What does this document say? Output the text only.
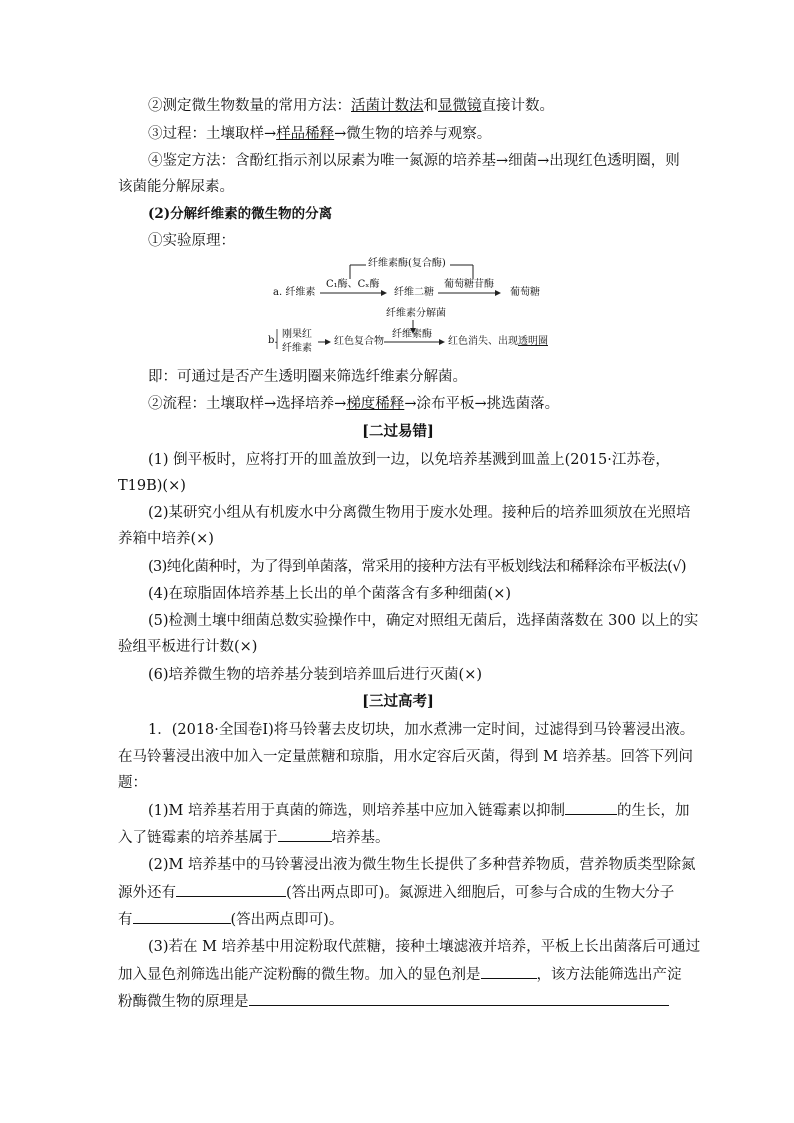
②测定微生物数量的常用方法：活菌计数法和显微镜直接计数。
③过程：土壤取样→样品稀释→微生物的培养与观察。
④鉴定方法：含酚红指示剂以尿素为唯一氮源的培养基→细菌→出现红色透明圈，则
该菌能分解尿素。
(2)分解纤维素的微生物的分离
①实验原理：
纤维素酶(复合酶)
a. 纤维素
C₁酶、Cₓ酶
纤维二糖
葡萄糖苷酶
葡萄糖
纤维素分解菌
b.
刚果红
纤维素
红色复合物
纤维素酶
红色消失、出现透明圈
即：可通过是否产生透明圈来筛选纤维素分解菌。
②流程：土壤取样→选择培养→梯度稀释→涂布平板→挑选菌落。
[二过易错]
(1) 倒平板时，应将打开的皿盖放到一边，以免培养基溅到皿盖上(2015·江苏卷，
T19B)(×)
(2)某研究小组从有机废水中分离微生物用于废水处理。接种后的培养皿须放在光照培
养箱中培养(×)
(3)纯化菌种时，为了得到单菌落，常采用的接种方法有平板划线法和稀释涂布平板法(√)
(4)在琼脂固体培养基上长出的单个菌落含有多种细菌(×)
(5)检测土壤中细菌总数实验操作中，确定对照组无菌后，选择菌落数在 300 以上的实
验组平板进行计数(×)
(6)培养微生物的培养基分装到培养皿后进行灭菌(×)
[三过高考]
1．(2018·全国卷Ⅰ)将马铃薯去皮切块，加水煮沸一定时间，过滤得到马铃薯浸出液。
在马铃薯浸出液中加入一定量蔗糖和琼脂，用水定容后灭菌，得到 M 培养基。回答下列问
题：
(1)M 培养基若用于真菌的筛选，则培养基中应加入链霉素以抑制	的生长，加
入了链霉素的培养基属于	培养基。
(2)M 培养基中的马铃薯浸出液为微生物生长提供了多种营养物质，营养物质类型除氮
源外还有	(答出两点即可)。氮源进入细胞后，可参与合成的生物大分子
有	(答出两点即可)。
(3)若在 M 培养基中用淀粉取代蔗糖，接种土壤滤液并培养，平板上长出菌落后可通过
加入显色剂筛选出能产淀粉酶的微生物。加入的显色剂是	，该方法能筛选出产淀
粉酶微生物的原理是
